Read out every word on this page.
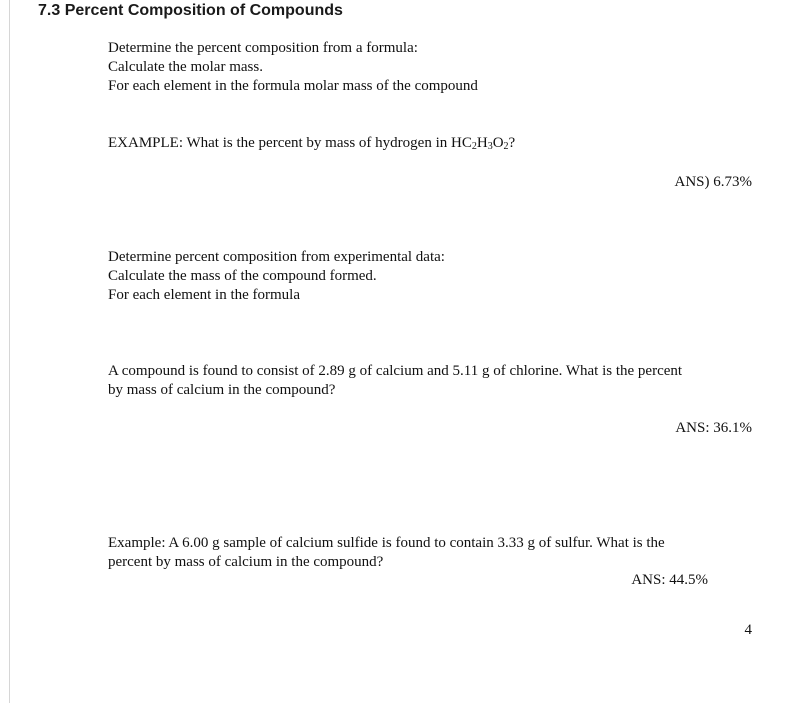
7.3 Percent Composition of Compounds
Determine the percent composition from a formula:
Calculate the molar mass.
For each element in the formula molar mass of the compound
EXAMPLE: What is the percent by mass of hydrogen in $HC_2H_3O_2$?
ANS) 6.73%
Determine percent composition from experimental data:
Calculate the mass of the compound formed.
For each element in the formula
A compound is found to consist of 2.89 g of calcium and 5.11 g of chlorine. What is the percent
by mass of calcium in the compound?
ANS: 36.1%
Example: A 6.00 g sample of calcium sulfide is found to contain 3.33 g of sulfur. What is the
percent by mass of calcium in the compound?
ANS: 44.5%
4
